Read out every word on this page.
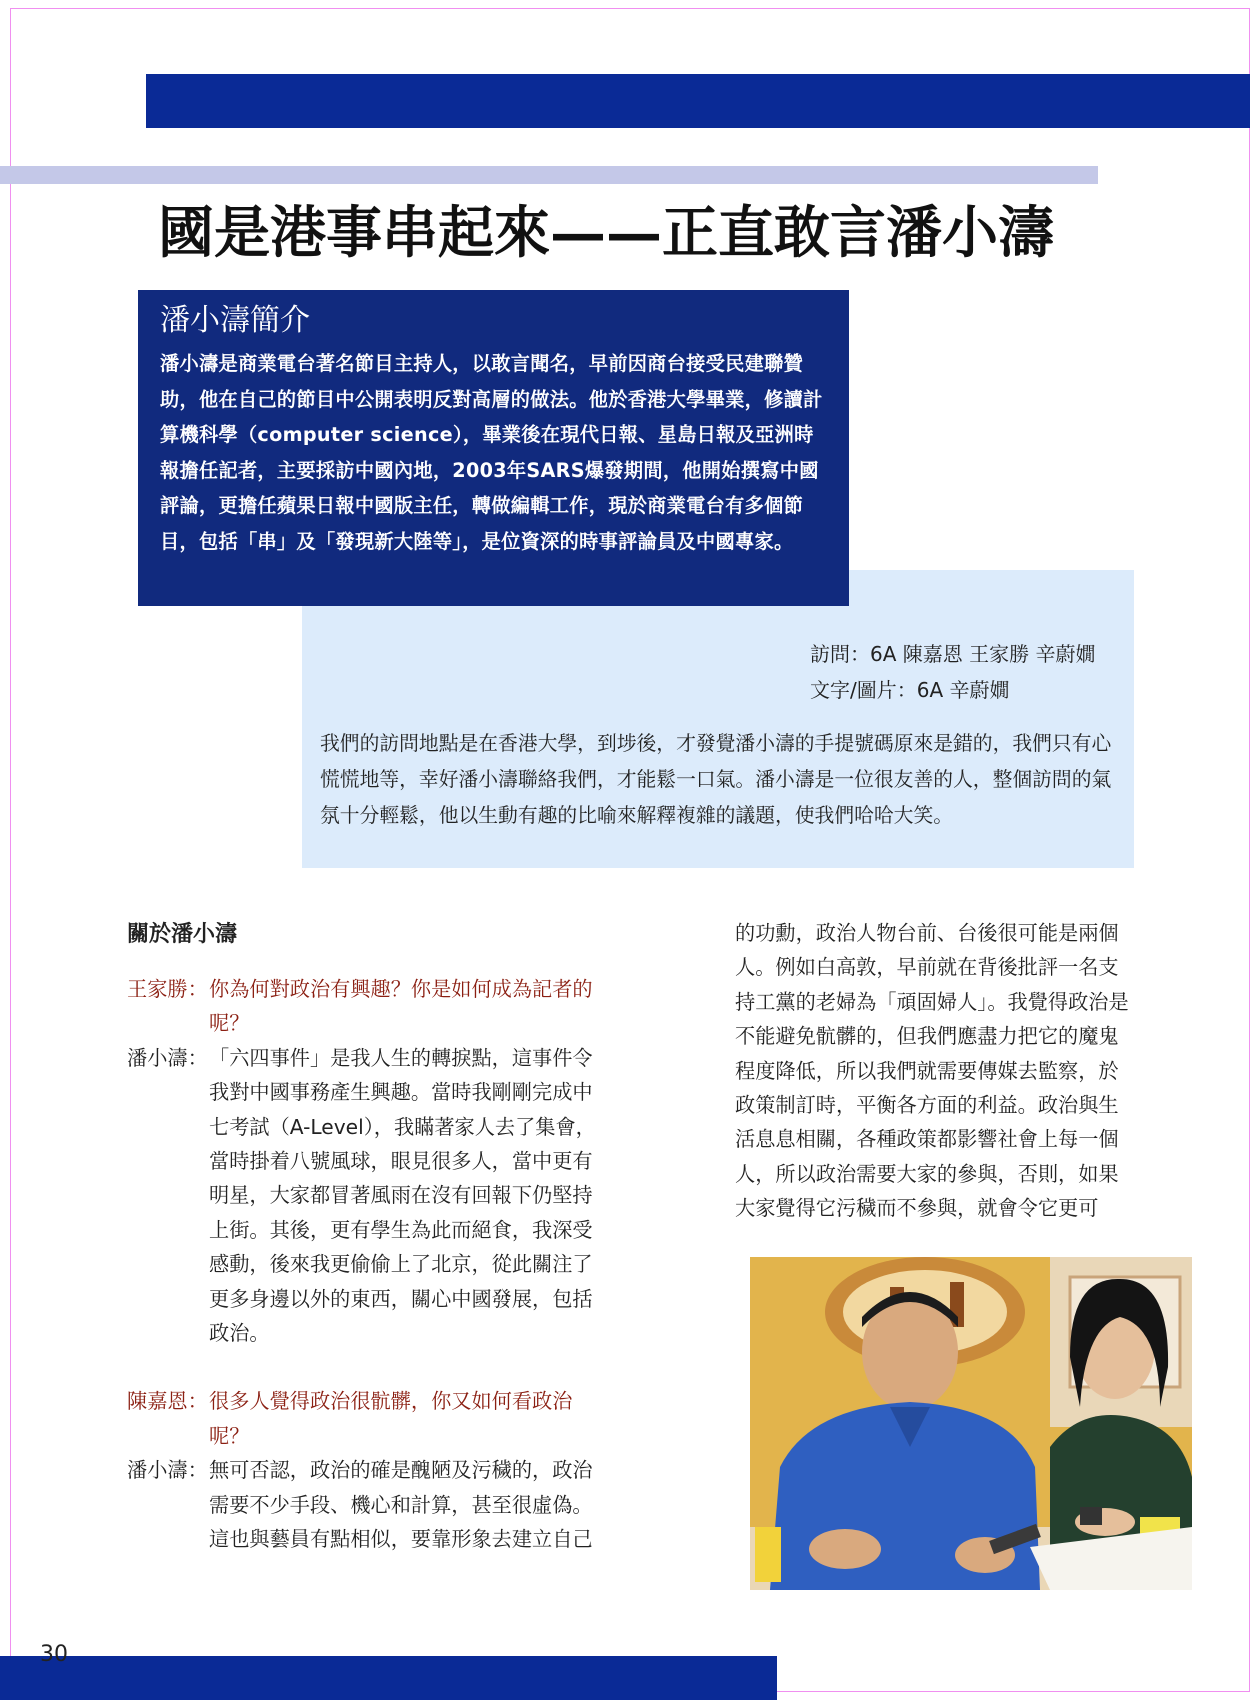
國是港事串起來——正直敢言潘小濤
潘小濤簡介
潘小濤是商業電台著名節目主持人，以敢言聞名，早前因商台接受民建聯贊助，他在自己的節目中公開表明反對高層的做法。他於香港大學畢業，修讀計算機科學（computer science），畢業後在現代日報、星島日報及亞洲時報擔任記者，主要採訪中國內地，2003年SARS爆發期間，他開始撰寫中國評論，更擔任蘋果日報中國版主任，轉做編輯工作，現於商業電台有多個節目，包括「串」及「發現新大陸等」，是位資深的時事評論員及中國專家。
訪問：6A 陳嘉恩 王家勝 辛蔚嫺
文字/圖片：6A 辛蔚嫺
我們的訪問地點是在香港大學，到埗後，才發覺潘小濤的手提號碼原來是錯的，我們只有心慌慌地等，幸好潘小濤聯絡我們，才能鬆一口氣。潘小濤是一位很友善的人，整個訪問的氣氛十分輕鬆，他以生動有趣的比喻來解釋複雜的議題，使我們哈哈大笑。
關於潘小濤
王家勝： 你為何對政治有興趣？你是如何成為記者的呢？
潘小濤： 「六四事件」是我人生的轉捩點，這事件令我對中國事務產生興趣。當時我剛剛完成中七考試（A-Level），我瞞著家人去了集會，當時掛着八號風球，眼見很多人，當中更有明星，大家都冒著風雨在沒有回報下仍堅持上街。其後，更有學生為此而絕食，我深受感動，後來我更偷偷上了北京，從此關注了更多身邊以外的東西，關心中國發展，包括政治。
陳嘉恩： 很多人覺得政治很骯髒，你又如何看政治呢？
潘小濤： 無可否認，政治的確是醜陋及污穢的，政治需要不少手段、機心和計算，甚至很虛偽。這也與藝員有點相似，要靠形象去建立自己
的功勳，政治人物台前、台後很可能是兩個人。例如白高敦，早前就在背後批評一名支持工黨的老婦為「頑固婦人」。我覺得政治是不能避免骯髒的，但我們應盡力把它的魔鬼程度降低，所以我們就需要傳媒去監察，於政策制訂時，平衡各方面的利益。政治與生活息息相關，各種政策都影響社會上每一個人，所以政治需要大家的參與，否則，如果大家覺得它污穢而不參與，就會令它更可
30
